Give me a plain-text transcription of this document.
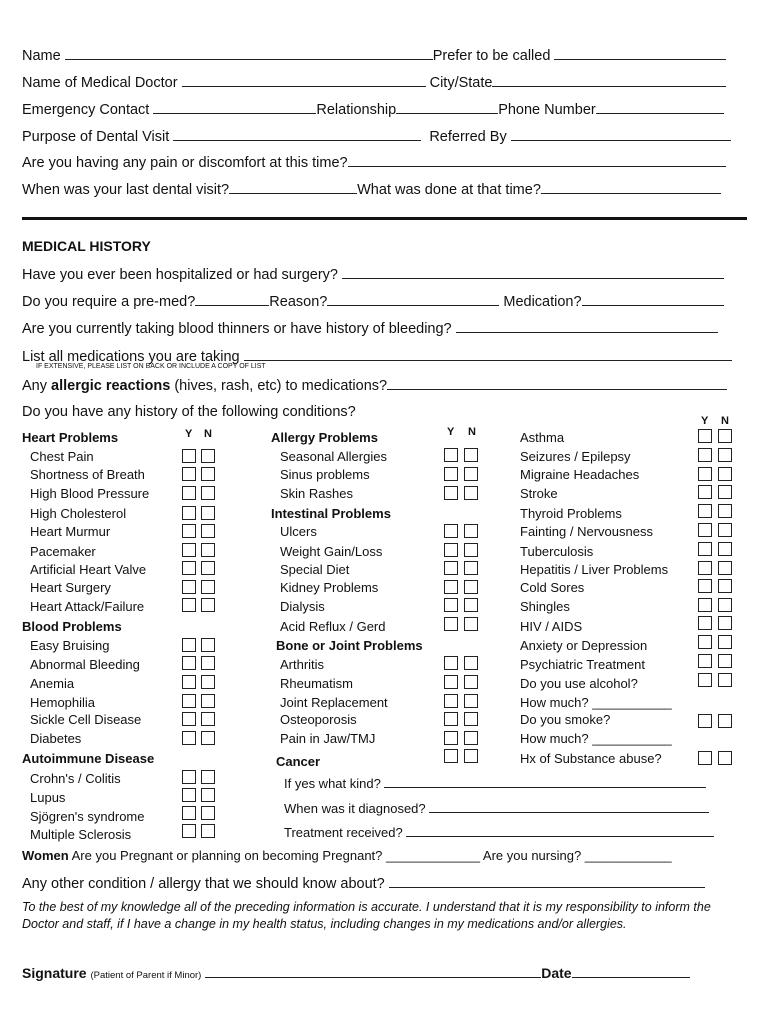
Name	Prefer to be called
Name of Medical Doctor	City/State
Emergency Contact	Relationship	Phone Number
Purpose of Dental Visit	Referred By
Are you having any pain or discomfort at this time?
When was your last dental visit?	What was done at that time?
MEDICAL HISTORY
Have you ever been hospitalized or had surgery?
Do you require a pre-med?	Reason?	Medication?
Are you currently taking blood thinners or have history of bleeding?
List all medications you are taking
IF EXTENSIVE, PLEASE LIST ON BACK OR INCLUDE A COPY OF LIST
Any allergic reactions (hives, rash, etc) to medications?
Do you have any history of the following conditions?
Y N	Y N
Y N
Heart Problems
Chest Pain
Shortness of Breath
High Blood Pressure
High Cholesterol
Heart Murmur
Pacemaker
Artificial Heart Valve
Heart Surgery
Heart Attack/Failure
Blood Problems
Easy Bruising
Abnormal Bleeding
Anemia
Hemophilia
Sickle Cell Disease
Diabetes
Autoimmune Disease
Crohn's / Colitis
Lupus
Sjögren's syndrome
Multiple Sclerosis
Allergy Problems
Seasonal Allergies
Sinus problems
Skin Rashes
Intestinal Problems
Ulcers
Weight Gain/Loss
Special Diet
Kidney Problems
Dialysis
Acid Reflux / Gerd
Bone or Joint Problems
Arthritis
Rheumatism
Joint Replacement
Osteoporosis
Pain in Jaw/TMJ
Cancer
If yes what kind?
When was it diagnosed?
Treatment received?
Asthma
Seizures / Epilepsy
Migraine Headaches
Stroke
Thyroid Problems
Fainting / Nervousness
Tuberculosis
Hepatitis / Liver Problems
Cold Sores
Shingles
HIV / AIDS
Anxiety or Depression
Psychiatric Treatment
Do you use alcohol?
How much? ___________
Do you smoke?
How much? ___________
Hx of Substance abuse?
Women Are you Pregnant or planning on becoming Pregnant? _____________ Are you nursing? ____________
Any other condition / allergy that we should know about?
To the best of my knowledge all of the preceding information is accurate. I understand that it is my responsibility to inform the Doctor and staff, if I have a change in my health status, including changes in my medications and/or allergies.
Signature (Patient of Parent if Minor)	Date
